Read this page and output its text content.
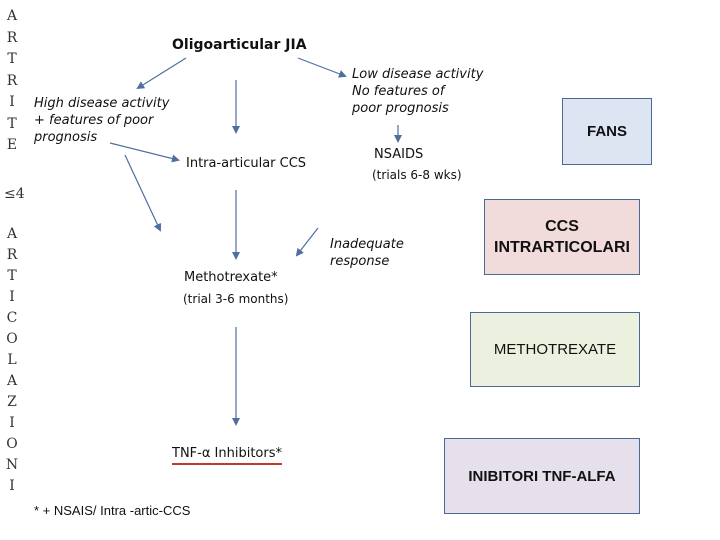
A
R
T
R
I
T
E
≤4
A
R
T
I
C
O
L
A
Z
I
O
N
I
Oligoarticular JIA
High disease activity
+ features of poor
prognosis
Low disease activity
No features of
poor prognosis
Intra-articular CCS
NSAIDS
(trials 6-8 wks)
Inadequate
response
Methotrexate*
(trial 3-6 months)
TNF-α Inhibitors*
* + NSAIS/ Intra -artic-CCS
FANS
CCS
INTRARTICOLARI
METHOTREXATE
INIBITORI TNF-ALFA
